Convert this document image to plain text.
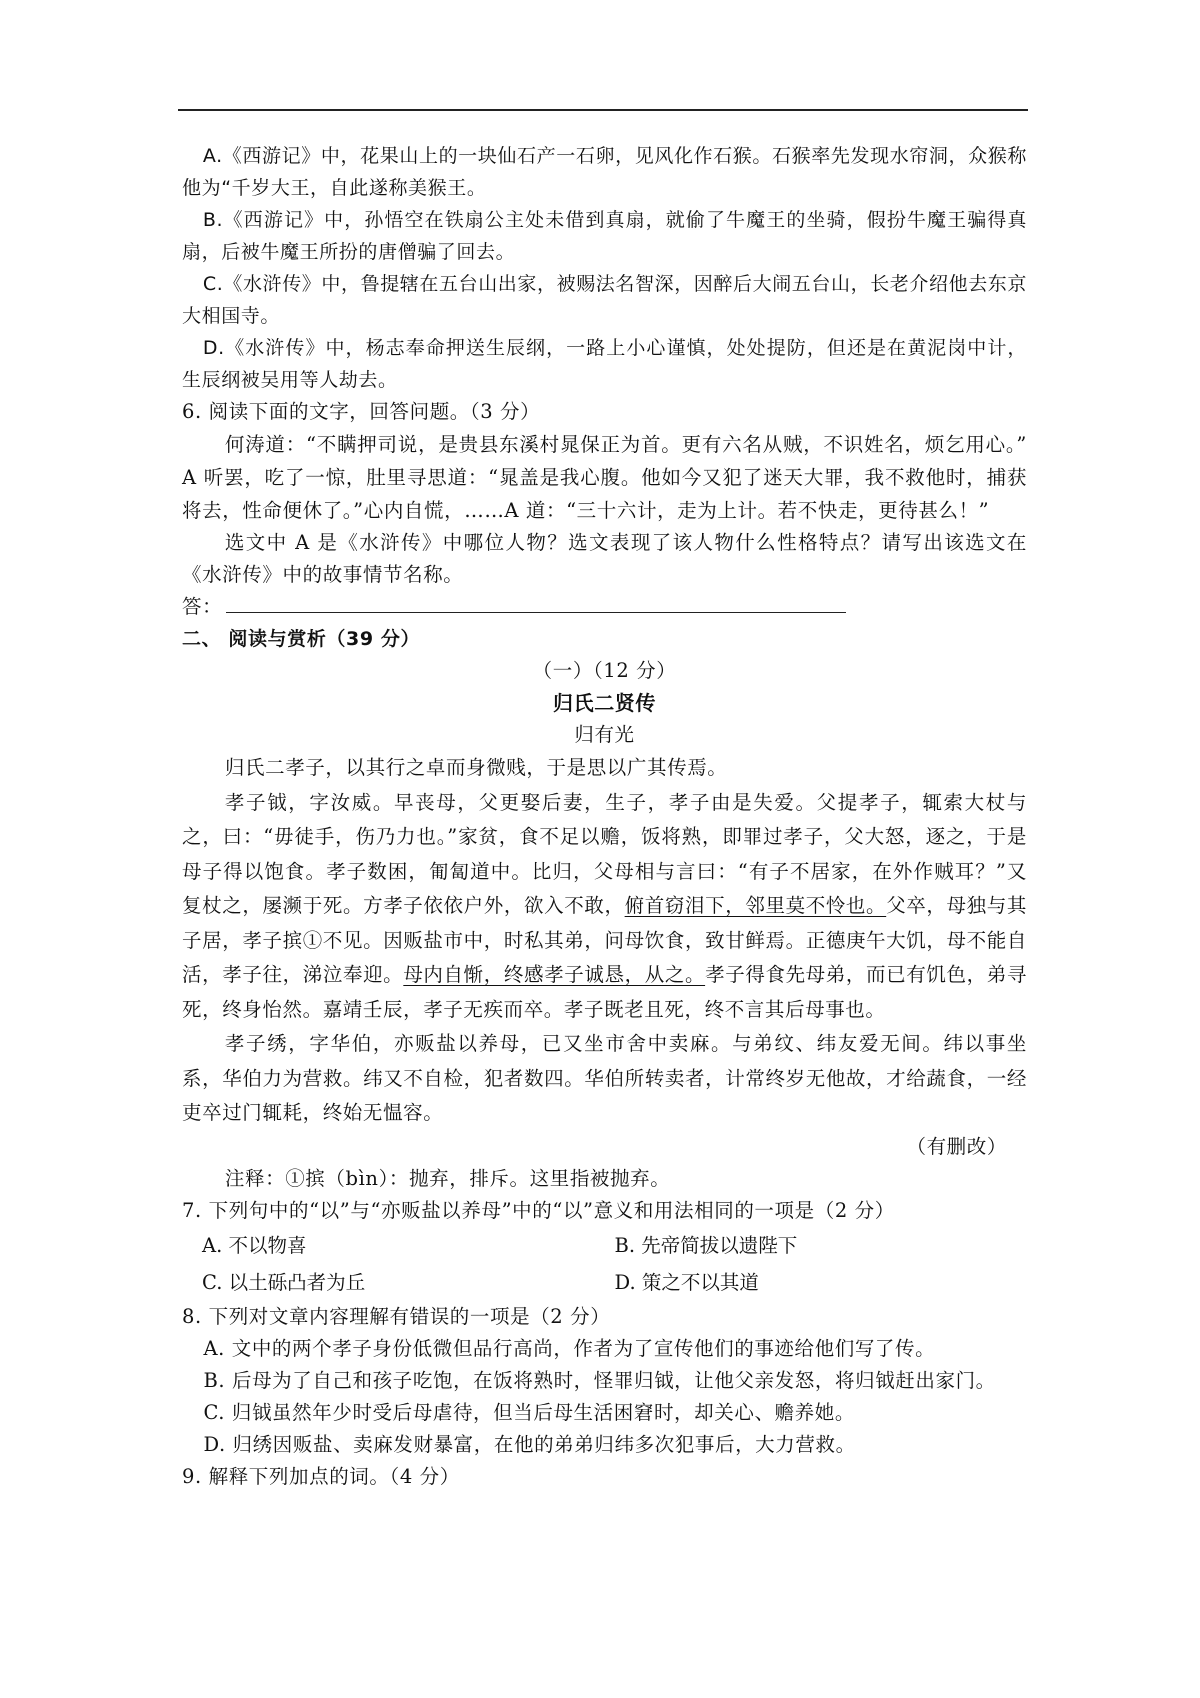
A.《西游记》中，花果山上的一块仙石产一石卵，见风化作石猴。石猴率先发现水帘洞，众猴称他为“千岁大王，自此遂称美猴王。

B.《西游记》中，孙悟空在铁扇公主处未借到真扇，就偷了牛魔王的坐骑，假扮牛魔王骗得真扇，后被牛魔王所扮的唐僧骗了回去。

C.《水浒传》中，鲁提辖在五台山出家，被赐法名智深，因醉后大闹五台山，长老介绍他去东京大相国寺。

D.《水浒传》中，杨志奉命押送生辰纲，一路上小心谨慎，处处提防，但还是在黄泥岗中计，生辰纲被吴用等人劫去。

6. 阅读下面的文字，回答问题。（3 分）

何涛道：“不瞒押司说，是贵县东溪村晁保正为首。更有六名从贼，不识姓名，烦乞用心。” A 听罢，吃了一惊，肚里寻思道：“晁盖是我心腹。他如今又犯了迷天大罪，我不救他时，捕获将去，性命便休了。”心内自慌，……A 道：“三十六计，走为上计。若不快走，更待甚么！”

选文中 A 是《水浒传》中哪位人物？选文表现了该人物什么性格特点？请写出该选文在《水浒传》中的故事情节名称。

答：

二、 阅读与赏析（39 分）

（一）（12 分）

归氏二贤传

归有光

归氏二孝子，以其行之卓而身微贱，于是思以广其传焉。

孝子钺，字汝威。早丧母，父更娶后妻，生子，孝子由是失爱。父提孝子，辄索大杖与之，曰：“毋徒手，伤乃力也。”家贫，食不足以赡，饭将熟，即罪过孝子，父大怒，逐之，于是母子得以饱食。孝子数困，匍匐道中。比归，父母相与言曰：“有子不居家，在外作贼耳？”又复杖之，屡濒于死。方孝子依依户外，欲入不敢，俯首窃泪下，邻里莫不怜也。父卒，母独与其子居，孝子摈①不见。因贩盐市中，时私其弟，问母饮食，致甘鲜焉。正德庚午大饥，母不能自活，孝子往，涕泣奉迎。母内自惭，终感孝子诚恳，从之。孝子得食先母弟，而已有饥色，弟寻死，终身怡然。嘉靖壬辰，孝子无疾而卒。孝子既老且死，终不言其后母事也。

孝子绣，字华伯，亦贩盐以养母，已又坐市舍中卖麻。与弟纹、纬友爱无间。纬以事坐系，华伯力为营救。纬又不自检，犯者数四。华伯所转卖者，计常终岁无他故，才给蔬食，一经吏卒过门辄耗，终始无愠容。

（有删改）

注释：①摈（bìn）：抛弃，排斥。这里指被抛弃。

7. 下列句中的“以”与“亦贩盐以养母”中的“以”意义和用法相同的一项是（2 分）

A. 不以物喜	B. 先帝简拔以遗陛下
C. 以土砾凸者为丘	D. 策之不以其道

8. 下列对文章内容理解有错误的一项是（2 分）

A. 文中的两个孝子身份低微但品行高尚，作者为了宣传他们的事迹给他们写了传。

B. 后母为了自己和孩子吃饱，在饭将熟时，怪罪归钺，让他父亲发怒，将归钺赶出家门。

C. 归钺虽然年少时受后母虐待，但当后母生活困窘时，却关心、赡养她。

D. 归绣因贩盐、卖麻发财暴富，在他的弟弟归纬多次犯事后，大力营救。

9. 解释下列加点的词。（4 分）
